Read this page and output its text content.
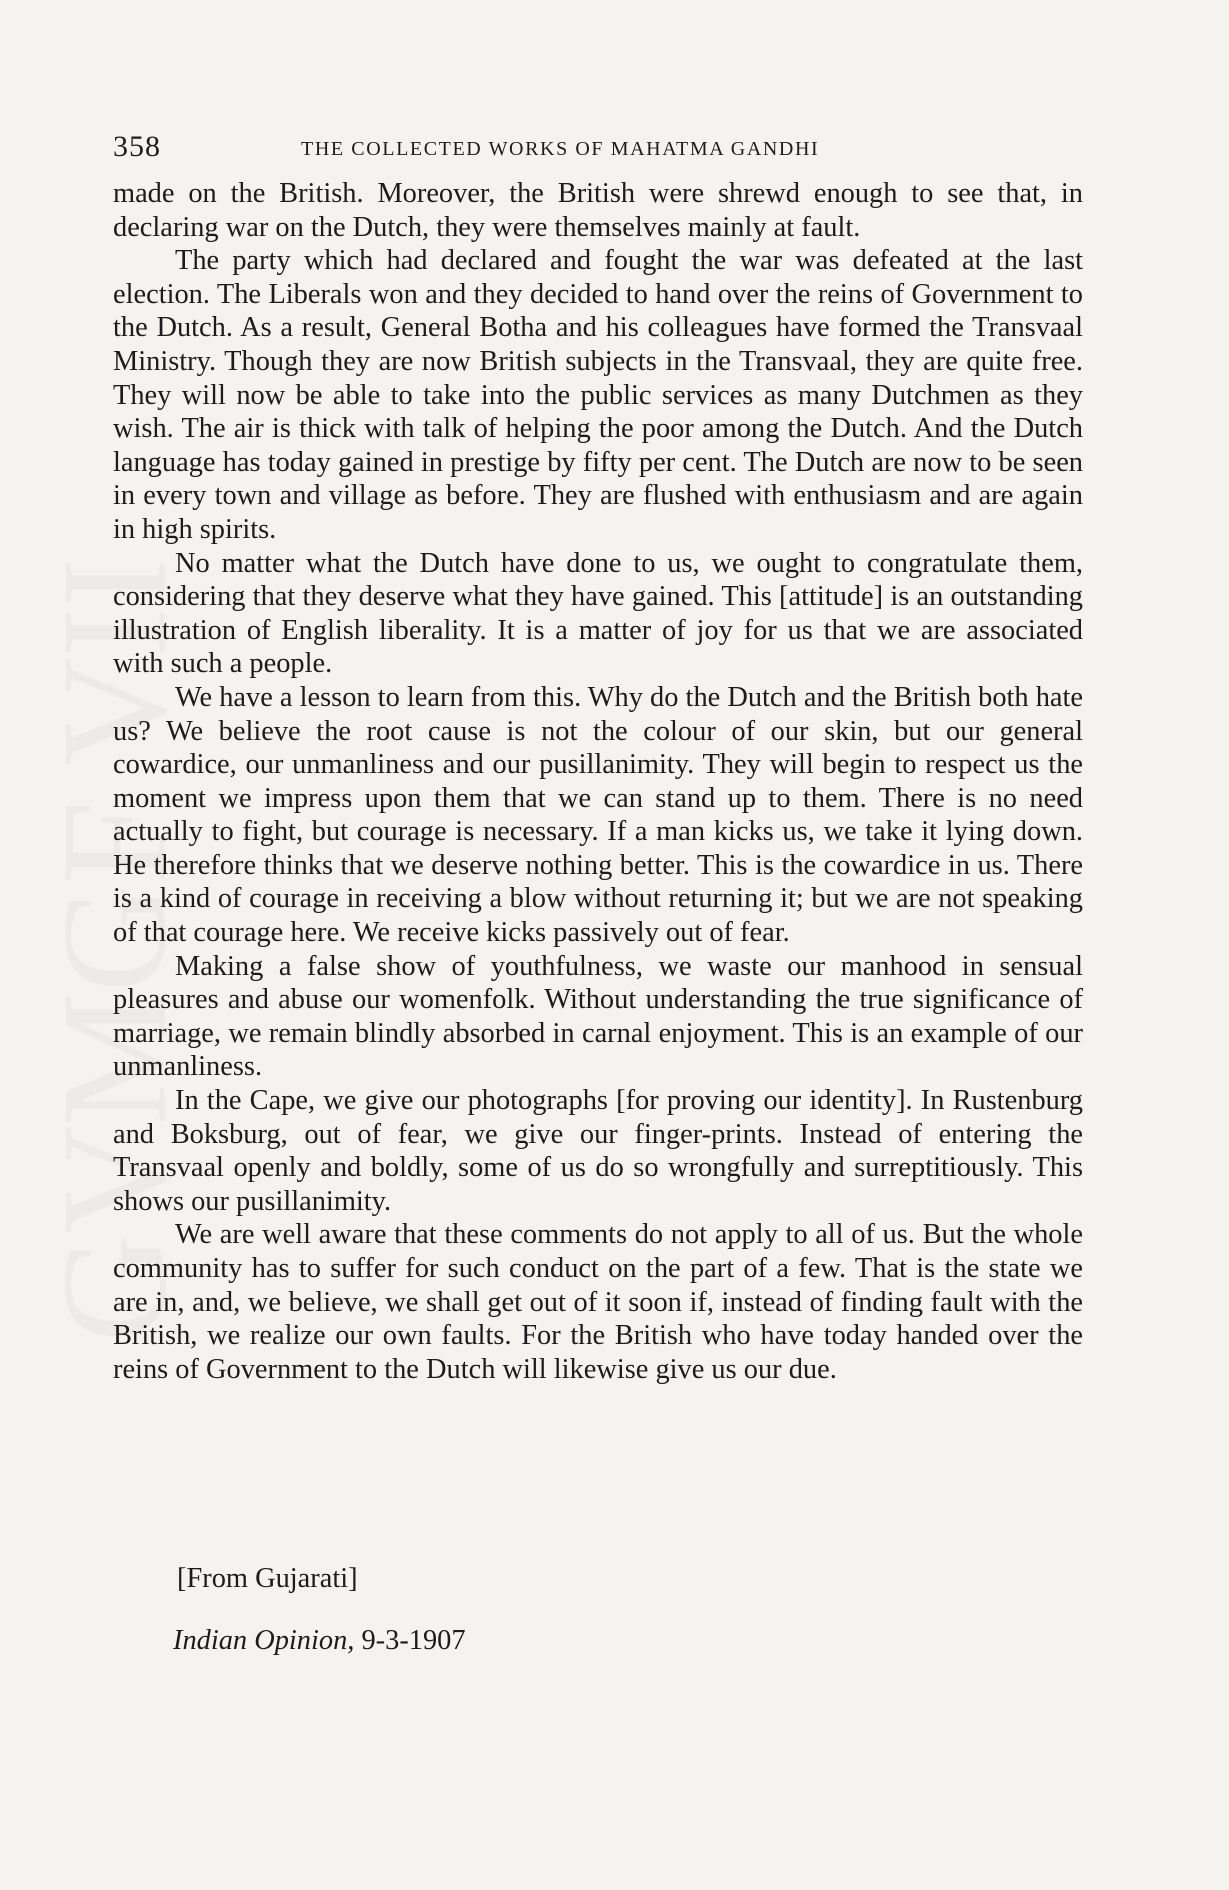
GVMGF VII
358	THE COLLECTED WORKS OF MAHATMA GANDHI

made on the British. Moreover, the British were shrewd enough to see that, in declaring war on the Dutch, they were themselves mainly at fault.

The party which had declared and fought the war was defeated at the last election. The Liberals won and they decided to hand over the reins of Government to the Dutch. As a result, General Botha and his colleagues have formed the Transvaal Ministry. Though they are now British subjects in the Transvaal, they are quite free. They will now be able to take into the public services as many Dutchmen as they wish. The air is thick with talk of helping the poor among the Dutch. And the Dutch language has today gained in prestige by fifty per cent. The Dutch are now to be seen in every town and village as before. They are flushed with enthusiasm and are again in high spirits.

No matter what the Dutch have done to us, we ought to congratulate them, considering that they deserve what they have gained. This [attitude] is an outstanding illustration of English liberality. It is a matter of joy for us that we are associated with such a people.

We have a lesson to learn from this. Why do the Dutch and the British both hate us? We believe the root cause is not the colour of our skin, but our general cowardice, our unmanliness and our pusillanimity. They will begin to respect us the moment we impress upon them that we can stand up to them. There is no need actually to fight, but courage is necessary. If a man kicks us, we take it lying down. He therefore thinks that we deserve nothing better. This is the cowardice in us. There is a kind of courage in receiving a blow without returning it; but we are not speaking of that courage here. We receive kicks passively out of fear.

Making a false show of youthfulness, we waste our manhood in sensual pleasures and abuse our womenfolk. Without understanding the true significance of marriage, we remain blindly absorbed in carnal enjoyment. This is an example of our unmanliness.

In the Cape, we give our photographs [for proving our identity]. In Rustenburg and Boksburg, out of fear, we give our finger-prints. Instead of entering the Transvaal openly and boldly, some of us do so wrongfully and surreptitiously. This shows our pusillanimity.

We are well aware that these comments do not apply to all of us. But the whole community has to suffer for such conduct on the part of a few. That is the state we are in, and, we believe, we shall get out of it soon if, instead of finding fault with the British, we realize our own faults. For the British who have today handed over the reins of Government to the Dutch will likewise give us our due.

[From Gujarati]
Indian Opinion, 9-3-1907
